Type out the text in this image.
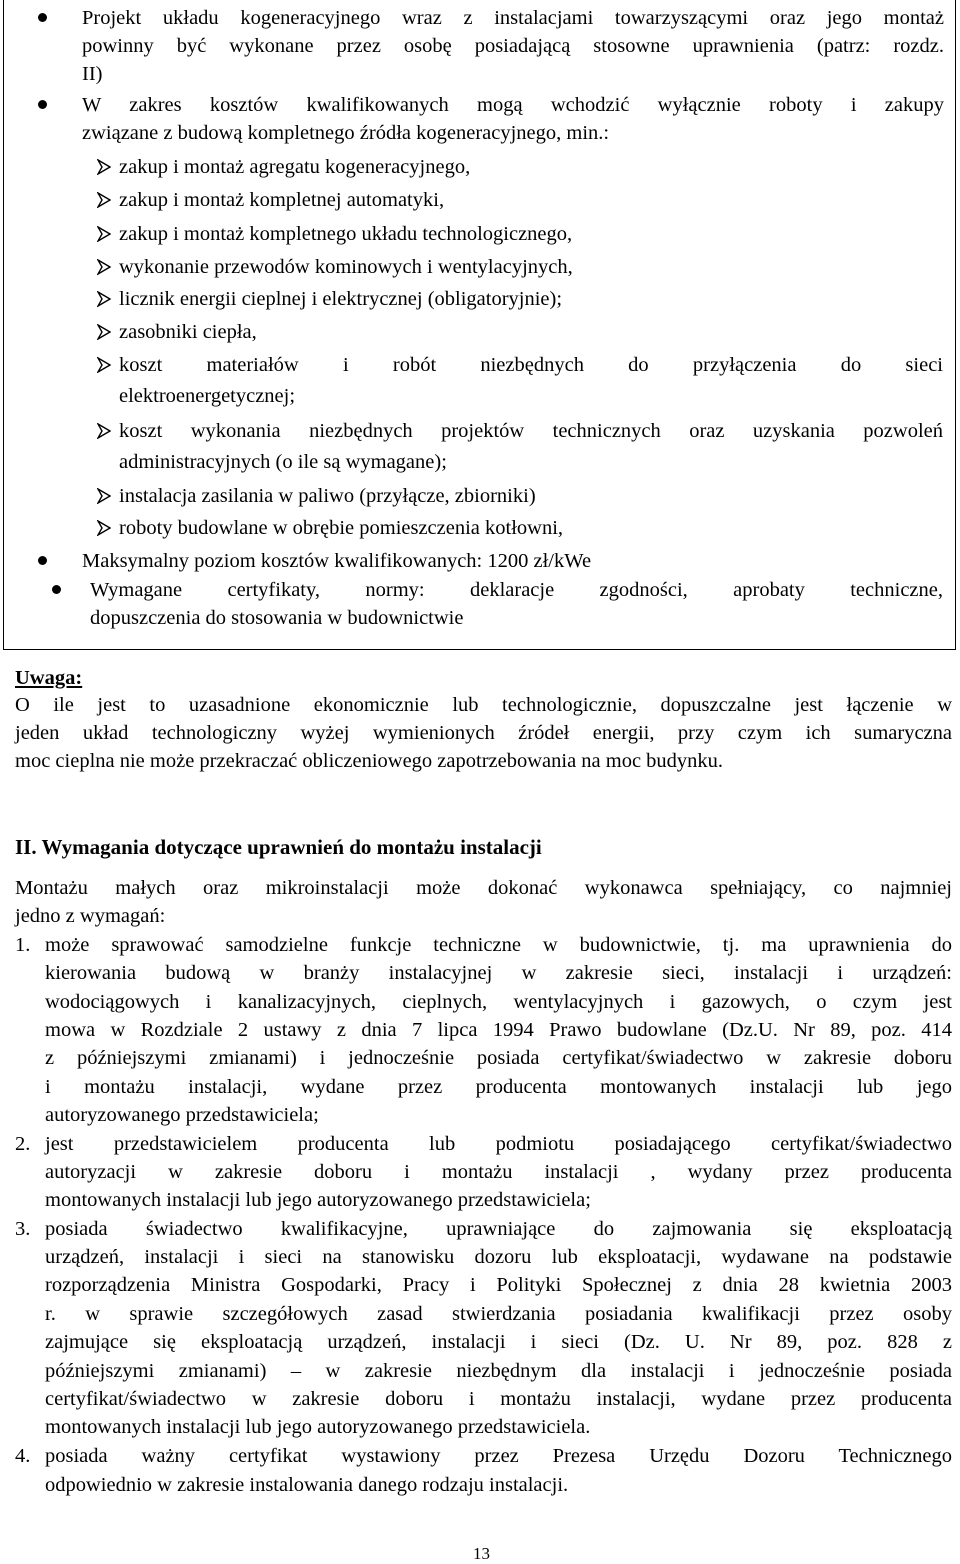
Projekt układu kogeneracyjnego wraz z instalacjami towarzyszącymi oraz jego montaż
powinny być wykonane przez osobę posiadającą stosowne uprawnienia (patrz: rozdz.
II)
W zakres kosztów kwalifikowanych mogą wchodzić wyłącznie roboty i zakupy
związane z budową kompletnego źródła kogeneracyjnego, min.:
zakup i montaż agregatu kogeneracyjnego,
zakup i montaż kompletnej automatyki,
zakup i montaż kompletnego układu technologicznego,
wykonanie przewodów kominowych i wentylacyjnych,
licznik energii cieplnej i elektrycznej (obligatoryjnie);
zasobniki ciepła,
koszt materiałów i robót niezbędnych do przyłączenia do sieci
elektroenergetycznej;
koszt wykonania niezbędnych projektów technicznych oraz uzyskania pozwoleń
administracyjnych (o ile są wymagane);
instalacja zasilania w paliwo (przyłącze, zbiorniki)
roboty budowlane w obrębie pomieszczenia kotłowni,
Maksymalny poziom kosztów kwalifikowanych: 1200 zł/kWe
Wymagane certyfikaty, normy: deklaracje zgodności, aprobaty techniczne,
dopuszczenia do stosowania w budownictwie
Uwaga:
O ile jest to uzasadnione ekonomicznie lub technologicznie, dopuszczalne jest łączenie w
jeden układ technologiczny wyżej wymienionych źródeł energii, przy czym ich sumaryczna
moc cieplna nie może przekraczać obliczeniowego zapotrzebowania na moc budynku.
II. Wymagania dotyczące uprawnień do montażu instalacji
Montażu małych oraz mikroinstalacji może dokonać wykonawca spełniający, co najmniej
jedno z wymagań:
1. może sprawować samodzielne funkcje techniczne w budownictwie, tj. ma uprawnienia do
kierowania budową w branży instalacyjnej w zakresie sieci, instalacji i urządzeń:
wodociągowych i kanalizacyjnych, cieplnych, wentylacyjnych i gazowych, o czym jest
mowa w Rozdziale 2 ustawy z dnia 7 lipca 1994 Prawo budowlane (Dz.U. Nr 89, poz. 414
z późniejszymi zmianami) i jednocześnie posiada certyfikat/świadectwo w zakresie doboru
i montażu instalacji, wydane przez producenta montowanych instalacji lub jego
autoryzowanego przedstawiciela;
2. jest przedstawicielem producenta lub podmiotu posiadającego certyfikat/świadectwo
autoryzacji w zakresie doboru i montażu instalacji , wydany przez producenta
montowanych instalacji lub jego autoryzowanego przedstawiciela;
3. posiada świadectwo kwalifikacyjne, uprawniające do zajmowania się eksploatacją
urządzeń, instalacji i sieci na stanowisku dozoru lub eksploatacji, wydawane na podstawie
rozporządzenia Ministra Gospodarki, Pracy i Polityki Społecznej z dnia 28 kwietnia 2003
r. w sprawie szczegółowych zasad stwierdzania posiadania kwalifikacji przez osoby
zajmujące się eksploatacją urządzeń, instalacji i sieci (Dz. U. Nr 89, poz. 828 z
późniejszymi zmianami) – w zakresie niezbędnym dla instalacji i jednocześnie posiada
certyfikat/świadectwo w zakresie doboru i montażu instalacji, wydane przez producenta
montowanych instalacji lub jego autoryzowanego przedstawiciela.
4. posiada ważny certyfikat wystawiony przez Prezesa Urzędu Dozoru Technicznego
odpowiednio w zakresie instalowania danego rodzaju instalacji.
13
